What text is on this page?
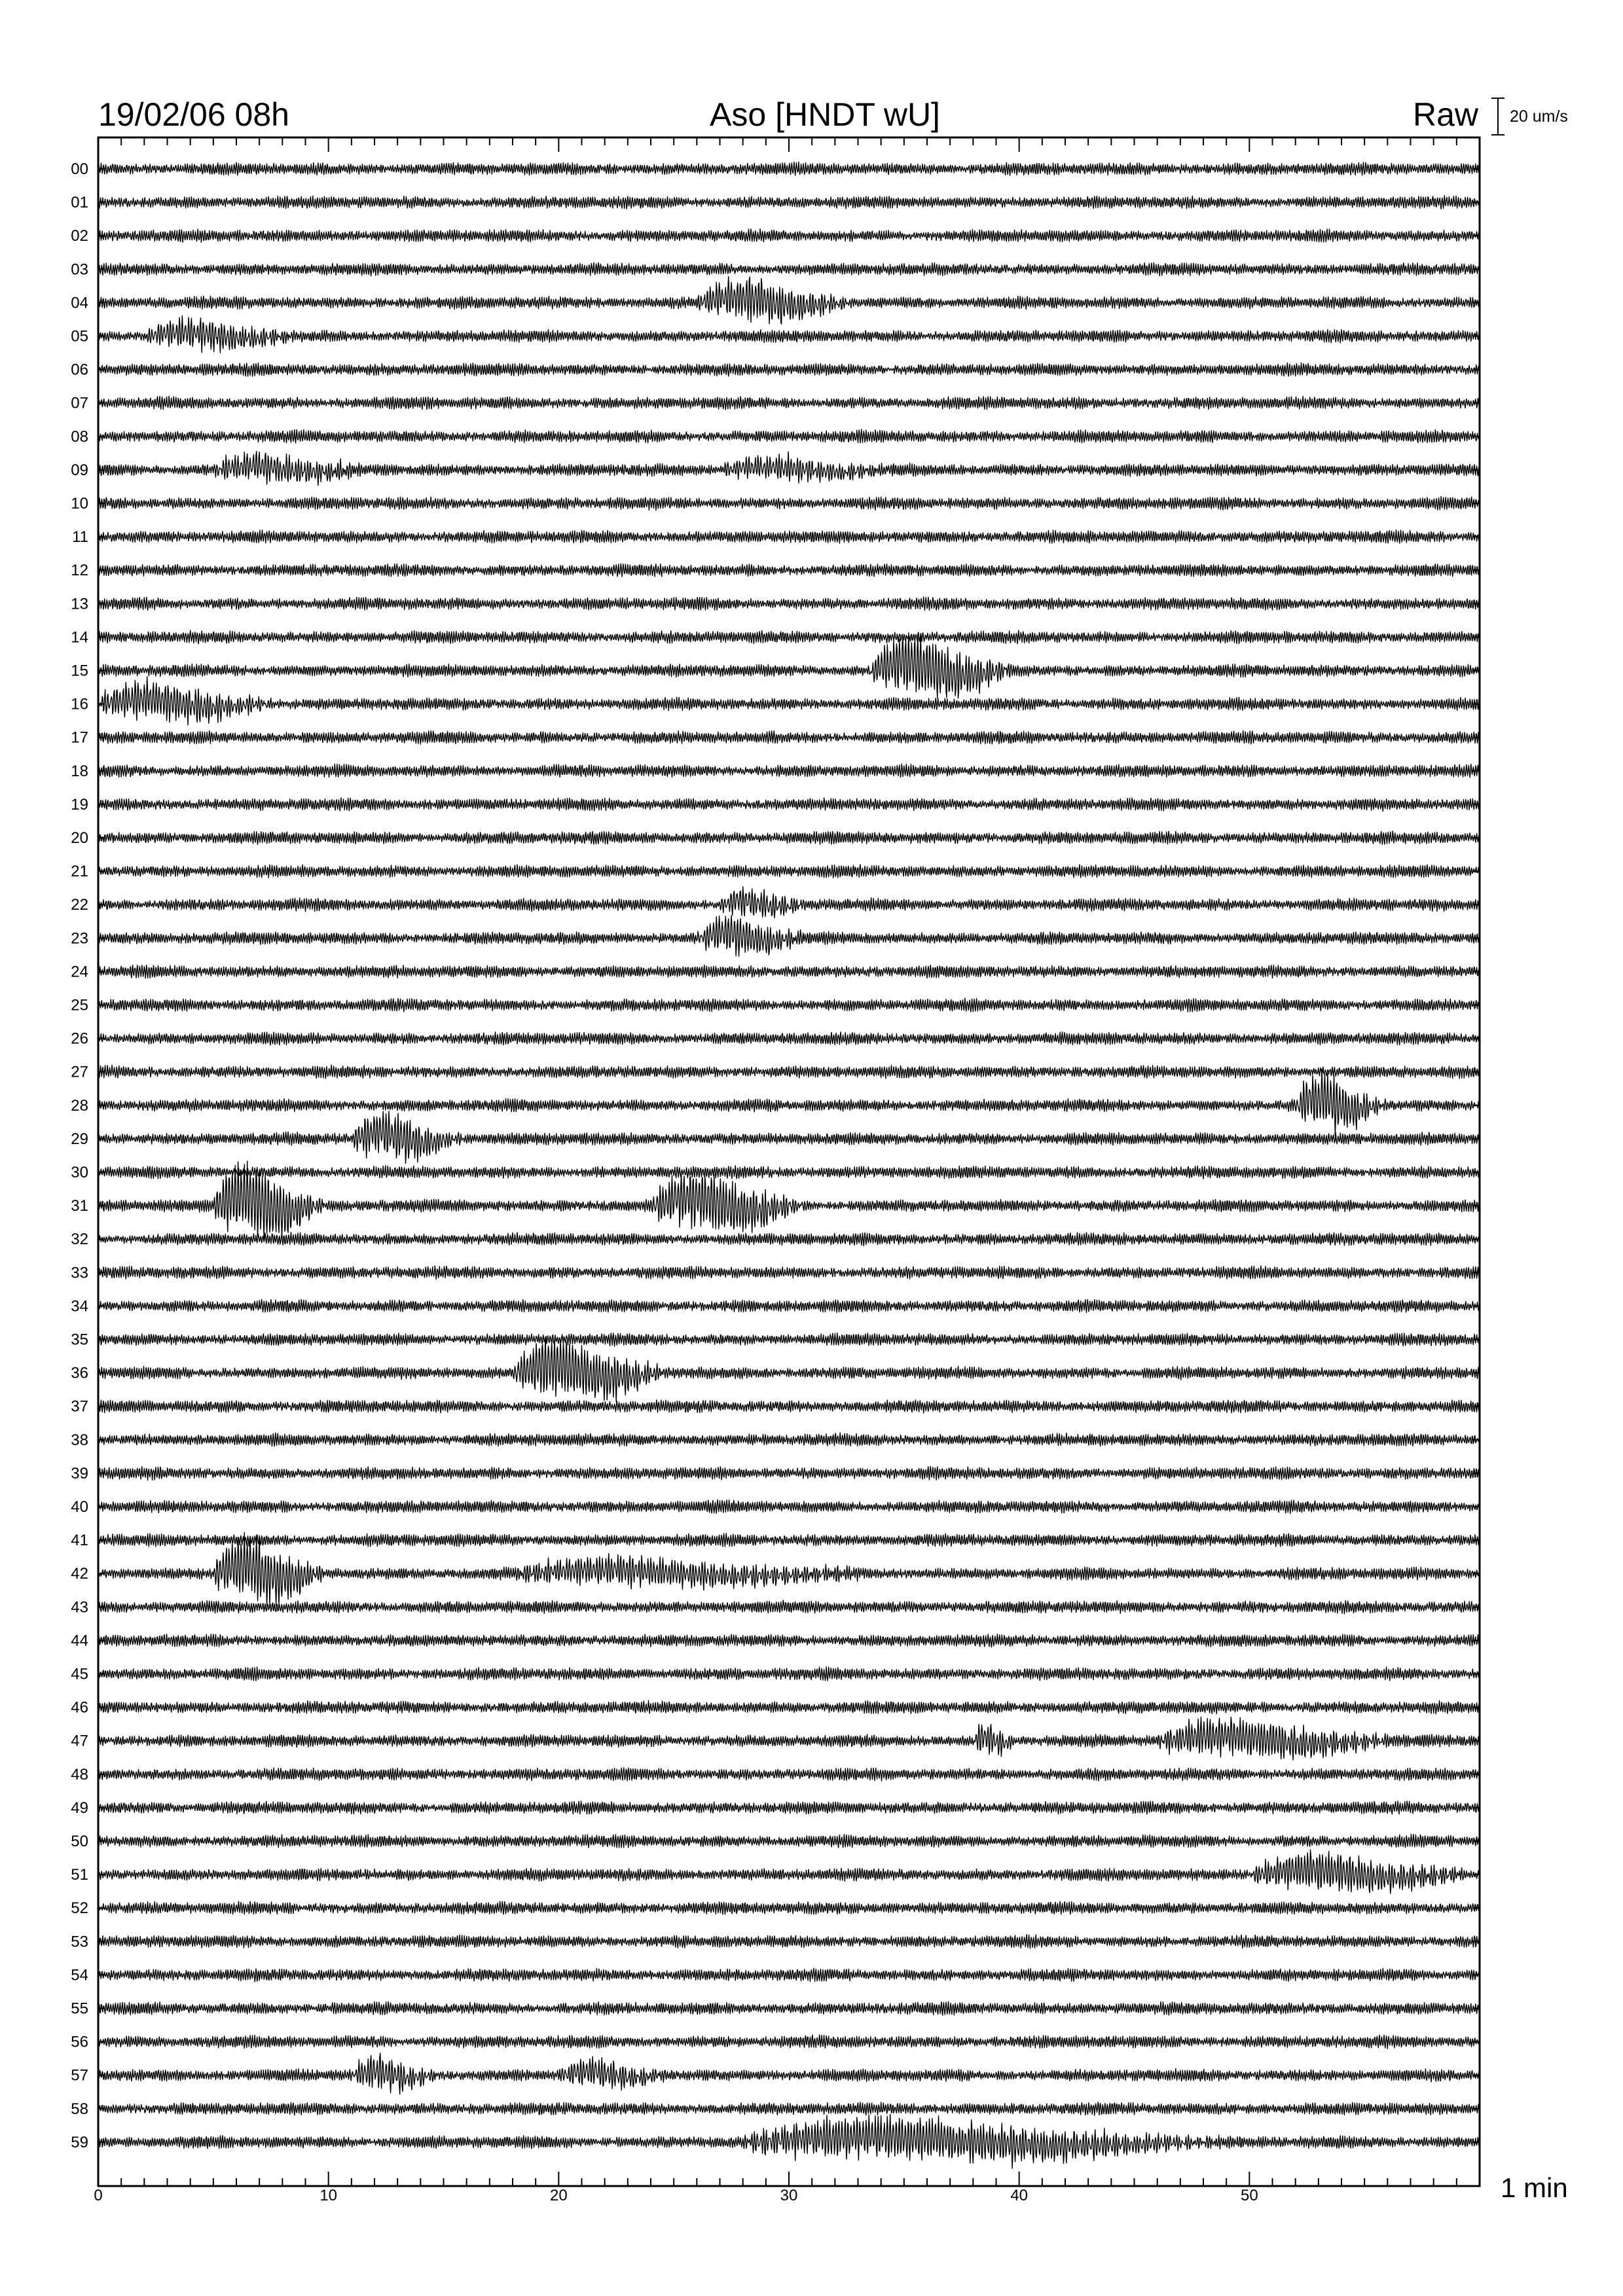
19/02/06 08h	Aso [HNDT wU]	Raw 20 um/s
00
01
02
03
04
05
06
07
08
09
10
11
12
13
14
15
16
17
18
19
20
21
22
23
24
25
26
27
28
29
30
31
32
33
34
35
36
37
38
39
40
41
42
43
44
45
46
47
48
49
50
51
52
53
54
55
56
57
58
59
0	10	20	30	40	50	1 min
